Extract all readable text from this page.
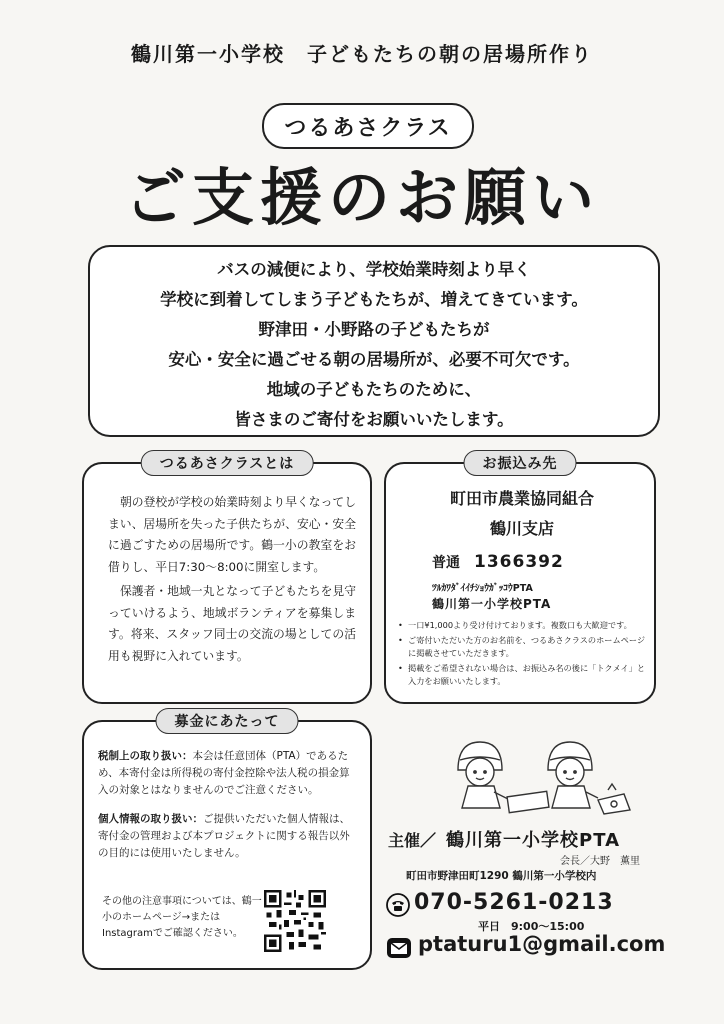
鶴川第一小学校　子どもたちの朝の居場所作り
つるあさクラス
ご支援のお願い
バスの減便により、学校始業時刻より早く
学校に到着してしまう子どもたちが、増えてきています。
野津田・小野路の子どもたちが
安心・安全に過ごせる朝の居場所が、必要不可欠です。
地域の子どもたちのために、
皆さまのご寄付をお願いいたします。
つるあさクラスとは

朝の登校が学校の始業時刻より早くなってしまい、居場所を失った子供たちが、安心・安全に過ごすための居場所です。鶴一小の教室をお借りし、平日7:30〜8:00に開室します。

保護者・地域一丸となって子どもたちを見守っていけるよう、地域ボランティアを募集します。将来、スタッフ同士の交流の場としての活用も視野に入れています。

お振込み先
町田市農業協同組合
鶴川支店
普通 1366392
ﾂﾙｶﾜﾀﾞｲｲﾁｼｮｳｶﾞｯｺｳPTA
鶴川第一小学校PTA
• 一口¥1,000より受け付けております。複数口も大歓迎です。
• ご寄付いただいた方のお名前を、つるあさクラスのホームページに掲載させていただきます。
• 掲載をご希望されない場合は、お振込み名の後に「トクメイ」と入力をお願いいたします。
募金にあたって

税制上の取り扱い：本会は任意団体（PTA）であるため、本寄付金は所得税の寄付金控除や法人税の損金算入の対象とはなりませんのでご注意ください。

個人情報の取り扱い：ご提供いただいた個人情報は、寄付金の管理および本プロジェクトに関する報告以外の目的には使用いたしません。

その他の注意事項については、鶴一小のホームページ→またはInstagramでご確認ください。
主催／ 鶴川第一小学校PTA
会長／大野　薫里
町田市野津田町1290 鶴川第一小学校内
070-5261-0213
平日　9:00〜15:00
ptaturu1@gmail.com
